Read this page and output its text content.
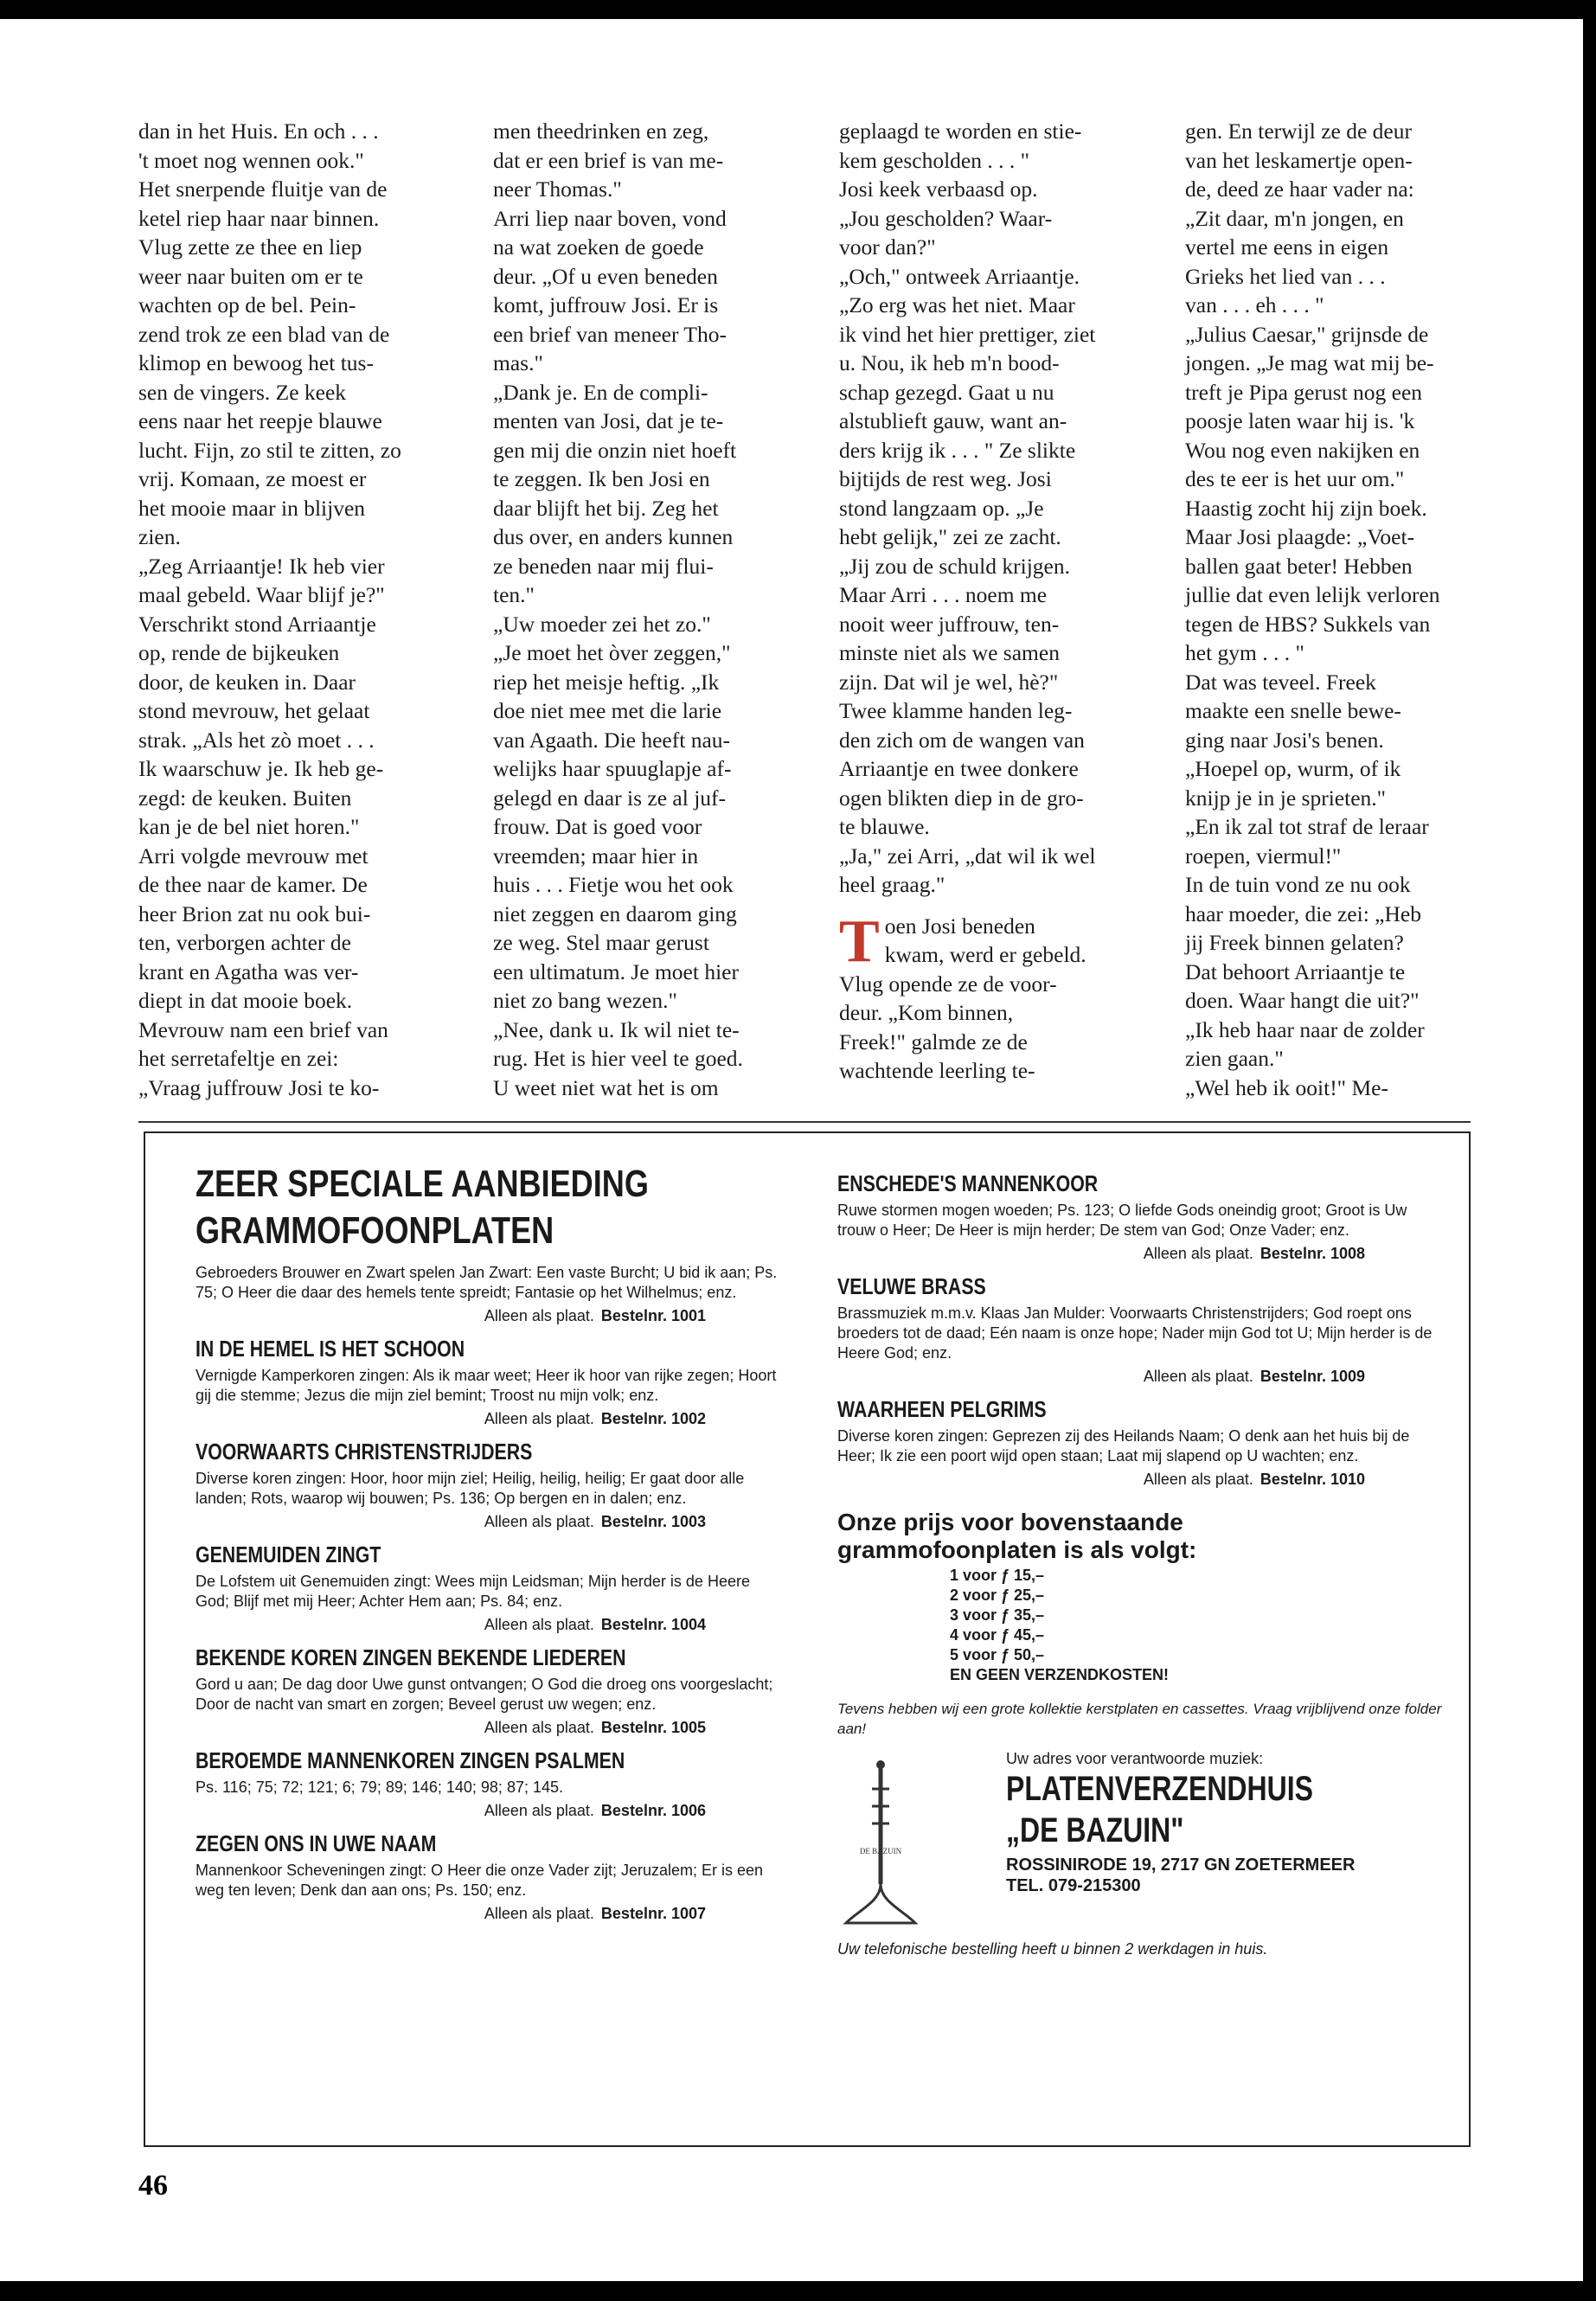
dan in het Huis. En och . . .
't moet nog wennen ook."
Het snerpende fluitje van de
ketel riep haar naar binnen.
Vlug zette ze thee en liep
weer naar buiten om er te
wachten op de bel. Pein-
zend trok ze een blad van de
klimop en bewoog het tus-
sen de vingers. Ze keek
eens naar het reepje blauwe
lucht. Fijn, zo stil te zitten, zo
vrij. Komaan, ze moest er
het mooie maar in blijven
zien.
„Zeg Arriaantje! Ik heb vier
maal gebeld. Waar blijf je?"
Verschrikt stond Arriaantje
op, rende de bijkeuken
door, de keuken in. Daar
stond mevrouw, het gelaat
strak. „Als het zò moet . . .
Ik waarschuw je. Ik heb ge-
zegd: de keuken. Buiten
kan je de bel niet horen."
Arri volgde mevrouw met
de thee naar de kamer. De
heer Brion zat nu ook bui-
ten, verborgen achter de
krant en Agatha was ver-
diept in dat mooie boek.
Mevrouw nam een brief van
het serretafeltje en zei:
„Vraag juffrouw Josi te ko-

men theedrinken en zeg,
dat er een brief is van me-
neer Thomas."
Arri liep naar boven, vond
na wat zoeken de goede
deur. „Of u even beneden
komt, juffrouw Josi. Er is
een brief van meneer Tho-
mas."
„Dank je. En de compli-
menten van Josi, dat je te-
gen mij die onzin niet hoeft
te zeggen. Ik ben Josi en
daar blijft het bij. Zeg het
dus over, en anders kunnen
ze beneden naar mij flui-
ten."
„Uw moeder zei het zo."
„Je moet het òver zeggen,"
riep het meisje heftig. „Ik
doe niet mee met die larie
van Agaath. Die heeft nau-
welijks haar spuuglapje af-
gelegd en daar is ze al juf-
frouw. Dat is goed voor
vreemden; maar hier in
huis . . . Fietje wou het ook
niet zeggen en daarom ging
ze weg. Stel maar gerust
een ultimatum. Je moet hier
niet zo bang wezen."
„Nee, dank u. Ik wil niet te-
rug. Het is hier veel te goed.
U weet niet wat het is om

geplaagd te worden en stie-
kem gescholden . . . "
Josi keek verbaasd op.
„Jou gescholden? Waar-
voor dan?"
„Och," ontweek Arriaantje.
„Zo erg was het niet. Maar
ik vind het hier prettiger, ziet
u. Nou, ik heb m'n bood-
schap gezegd. Gaat u nu
alstublieft gauw, want an-
ders krijg ik . . . " Ze slikte
bijtijds de rest weg. Josi
stond langzaam op. „Je
hebt gelijk," zei ze zacht.
„Jij zou de schuld krijgen.
Maar Arri . . . noem me
nooit weer juffrouw, ten-
minste niet als we samen
zijn. Dat wil je wel, hè?"
Twee klamme handen leg-
den zich om de wangen van
Arriaantje en twee donkere
ogen blikten diep in de gro-
te blauwe.
„Ja," zei Arri, „dat wil ik wel
heel graag."

T oen Josi beneden
kwam, werd er gebeld.
Vlug opende ze de voor-
deur. „Kom binnen,
Freek!" galmde ze de
wachtende leerling te-

gen. En terwijl ze de deur
van het leskamertje open-
de, deed ze haar vader na:
„Zit daar, m'n jongen, en
vertel me eens in eigen
Grieks het lied van . . .
van . . . eh . . . "
„Julius Caesar," grijnsde de
jongen. „Je mag wat mij be-
treft je Pipa gerust nog een
poosje laten waar hij is. 'k
Wou nog even nakijken en
des te eer is het uur om."
Haastig zocht hij zijn boek.
Maar Josi plaagde: „Voet-
ballen gaat beter! Hebben
jullie dat even lelijk verloren
tegen de HBS? Sukkels van
het gym . . . "
Dat was teveel. Freek
maakte een snelle bewe-
ging naar Josi's benen.
„Hoepel op, wurm, of ik
knijp je in je sprieten."
„En ik zal tot straf de leraar
roepen, viermul!"
In de tuin vond ze nu ook
haar moeder, die zei: „Heb
jij Freek binnen gelaten?
Dat behoort Arriaantje te
doen. Waar hangt die uit?"
„Ik heb haar naar de zolder
zien gaan."
„Wel heb ik ooit!" Me-

ZEER SPECIALE AANBIEDING
GRAMMOFOONPLATEN

Gebroeders Brouwer en Zwart spelen Jan Zwart: Een vaste Burcht; U bid ik aan; Ps. 75; O Heer die daar des hemels tente spreidt; Fantasie op het Wilhelmus; enz.

Alleen als plaat. Bestelnr. 1001

IN DE HEMEL IS HET SCHOON

Vernigde Kamperkoren zingen: Als ik maar weet; Heer ik hoor van rijke zegen; Hoort gij die stemme; Jezus die mijn ziel bemint; Troost nu mijn volk; enz.

Alleen als plaat. Bestelnr. 1002

VOORWAARTS CHRISTENSTRIJDERS

Diverse koren zingen: Hoor, hoor mijn ziel; Heilig, heilig, heilig; Er gaat door alle landen; Rots, waarop wij bouwen; Ps. 136; Op bergen en in dalen; enz.

Alleen als plaat. Bestelnr. 1003

GENEMUIDEN ZINGT

De Lofstem uit Genemuiden zingt: Wees mijn Leidsman; Mijn herder is de Heere God; Blijf met mij Heer; Achter Hem aan; Ps. 84; enz.

Alleen als plaat. Bestelnr. 1004

BEKENDE KOREN ZINGEN BEKENDE LIEDEREN

Gord u aan; De dag door Uwe gunst ontvangen; O God die droeg ons voorgeslacht; Door de nacht van smart en zorgen; Beveel gerust uw wegen; enz.

Alleen als plaat. Bestelnr. 1005

BEROEMDE MANNENKOREN ZINGEN PSALMEN

Ps. 116; 75; 72; 121; 6; 79; 89; 146; 140; 98; 87; 145.

Alleen als plaat. Bestelnr. 1006

ZEGEN ONS IN UWE NAAM

Mannenkoor Scheveningen zingt: O Heer die onze Vader zijt; Jeruzalem; Er is een weg ten leven; Denk dan aan ons; Ps. 150; enz.

Alleen als plaat. Bestelnr. 1007

ENSCHEDE'S MANNENKOOR

Ruwe stormen mogen woeden; Ps. 123; O liefde Gods oneindig groot; Groot is Uw trouw o Heer; De Heer is mijn herder; De stem van God; Onze Vader; enz.

Alleen als plaat. Bestelnr. 1008

VELUWE BRASS

Brassmuziek m.m.v. Klaas Jan Mulder: Voorwaarts Christenstrijders; God roept ons broeders tot de daad; Eén naam is onze hope; Nader mijn God tot U; Mijn herder is de Heere God; enz.

Alleen als plaat. Bestelnr. 1009

WAARHEEN PELGRIMS

Diverse koren zingen: Geprezen zij des Heilands Naam; O denk aan het huis bij de Heer; Ik zie een poort wijd open staan; Laat mij slapend op U wachten; enz.

Alleen als plaat. Bestelnr. 1010
Onze prijs voor bovenstaande
grammofoonplaten is als volgt:
1 voor ƒ 15,–
2 voor ƒ 25,–
3 voor ƒ 35,–
4 voor ƒ 45,–
5 voor ƒ 50,–
EN GEEN VERZENDKOSTEN!
Tevens hebben wij een grote kollektie kerstplaten en cassettes. Vraag vrijblijvend onze folder aan!
DE BAZUIN
Uw adres voor verantwoorde muziek:
PLATENVERZENDHUIS
„DE BAZUIN"
ROSSINIRODE 19, 2717 GN ZOETERMEER
TEL. 079-215300
Uw telefonische bestelling heeft u binnen 2 werkdagen in huis.
46
